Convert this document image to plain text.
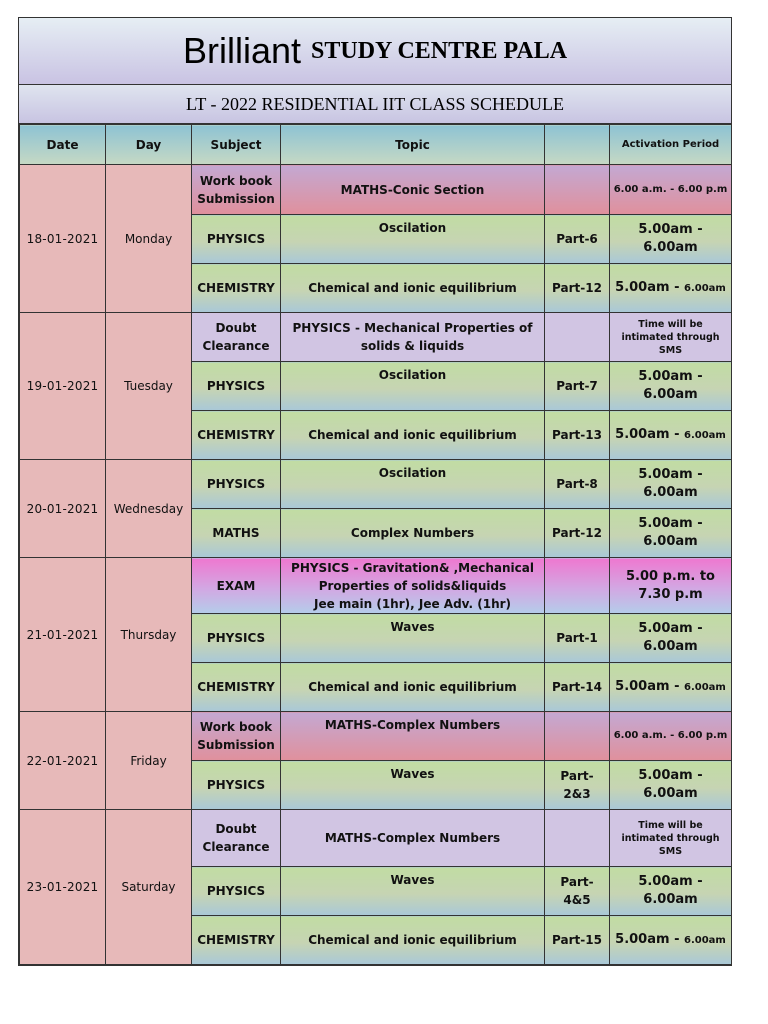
Brilliant STUDY CENTRE PALA
LT - 2022 RESIDENTIAL IIT CLASS SCHEDULE
Date	Day	Subject	Topic		Activation Period
18-01-2021	Monday	Work book Submission	MATHS-Conic Section		6.00 a.m. - 6.00 p.m
		PHYSICS	Oscilation	Part-6	5.00am - 6.00am
		CHEMISTRY	Chemical and ionic equilibrium	Part-12	5.00am - 6.00am
19-01-2021	Tuesday	Doubt Clearance	PHYSICS - Mechanical Properties of solids & liquids		Time will be intimated through SMS
		PHYSICS	Oscilation	Part-7	5.00am - 6.00am
		CHEMISTRY	Chemical and ionic equilibrium	Part-13	5.00am - 6.00am
20-01-2021	Wednesday	PHYSICS	Oscilation	Part-8	5.00am - 6.00am
		MATHS	Complex Numbers	Part-12	5.00am - 6.00am
21-01-2021	Thursday	EXAM	PHYSICS - Gravitation& ,Mechanical
Properties of solids&liquids
Jee main (1hr), Jee Adv. (1hr)		5.00 p.m. to 7.30 p.m
		PHYSICS	Waves	Part-1	5.00am - 6.00am
		CHEMISTRY	Chemical and ionic equilibrium	Part-14	5.00am - 6.00am
22-01-2021	Friday	Work book Submission	MATHS-Complex Numbers		6.00 a.m. - 6.00 p.m
		PHYSICS	Waves	Part-2&3	5.00am - 6.00am
23-01-2021	Saturday	Doubt Clearance	MATHS-Complex Numbers		Time will be intimated through SMS
		PHYSICS	Waves	Part-4&5	5.00am - 6.00am
		CHEMISTRY	Chemical and ionic equilibrium	Part-15	5.00am - 6.00am
